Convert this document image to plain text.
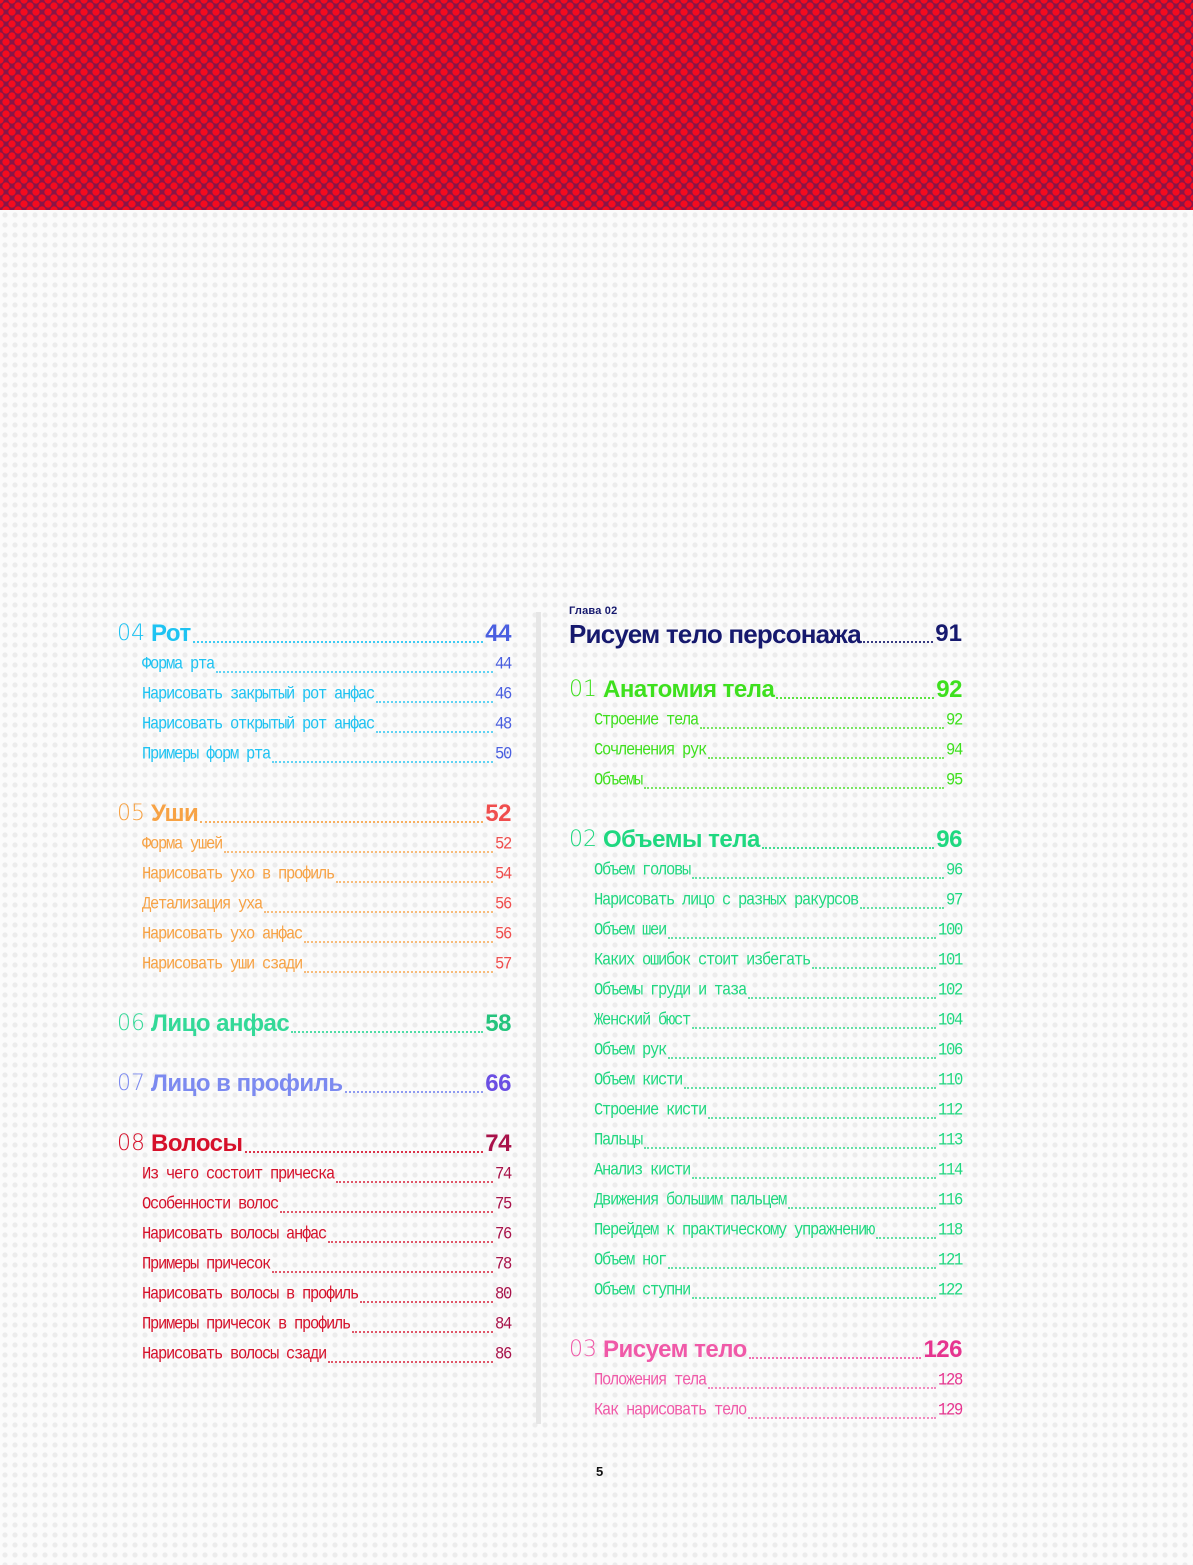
04 Рот	44
Форма рта	44
Нарисовать закрытый рот анфас	46
Нарисовать открытый рот анфас	48
Примеры форм рта	50
05 Уши	52
Форма ушей	52
Нарисовать ухо в профиль	54
Детализация уха	56
Нарисовать ухо анфас	56
Нарисовать уши сзади	57
06 Лицо анфас	58
07 Лицо в профиль	66
08 Волосы	74
Из чего состоит прическа	74
Особенности волос	75
Нарисовать волосы анфас	76
Примеры причесок	78
Нарисовать волосы в профиль	80
Примеры причесок в профиль	84
Нарисовать волосы сзади	86
Глава 02
Рисуем тело персонажа	91
01 Анатомия тела	92
Строение тела	92
Сочленения рук	94
Объемы	95
02 Объемы тела	96
Объем головы	96
Нарисовать лицо с разных ракурсов	97
Объем шеи	100
Каких ошибок стоит избегать	101
Объемы груди и таза	102
Женский бюст	104
Объем рук	106
Объем кисти	110
Строение кисти	112
Пальцы	113
Анализ кисти	114
Движения большим пальцем	116
Перейдем к практическому упражнению	118
Объем ног	121
Объем ступни	122
03 Рисуем тело	126
Положения тела	128
Как нарисовать тело	129
5
